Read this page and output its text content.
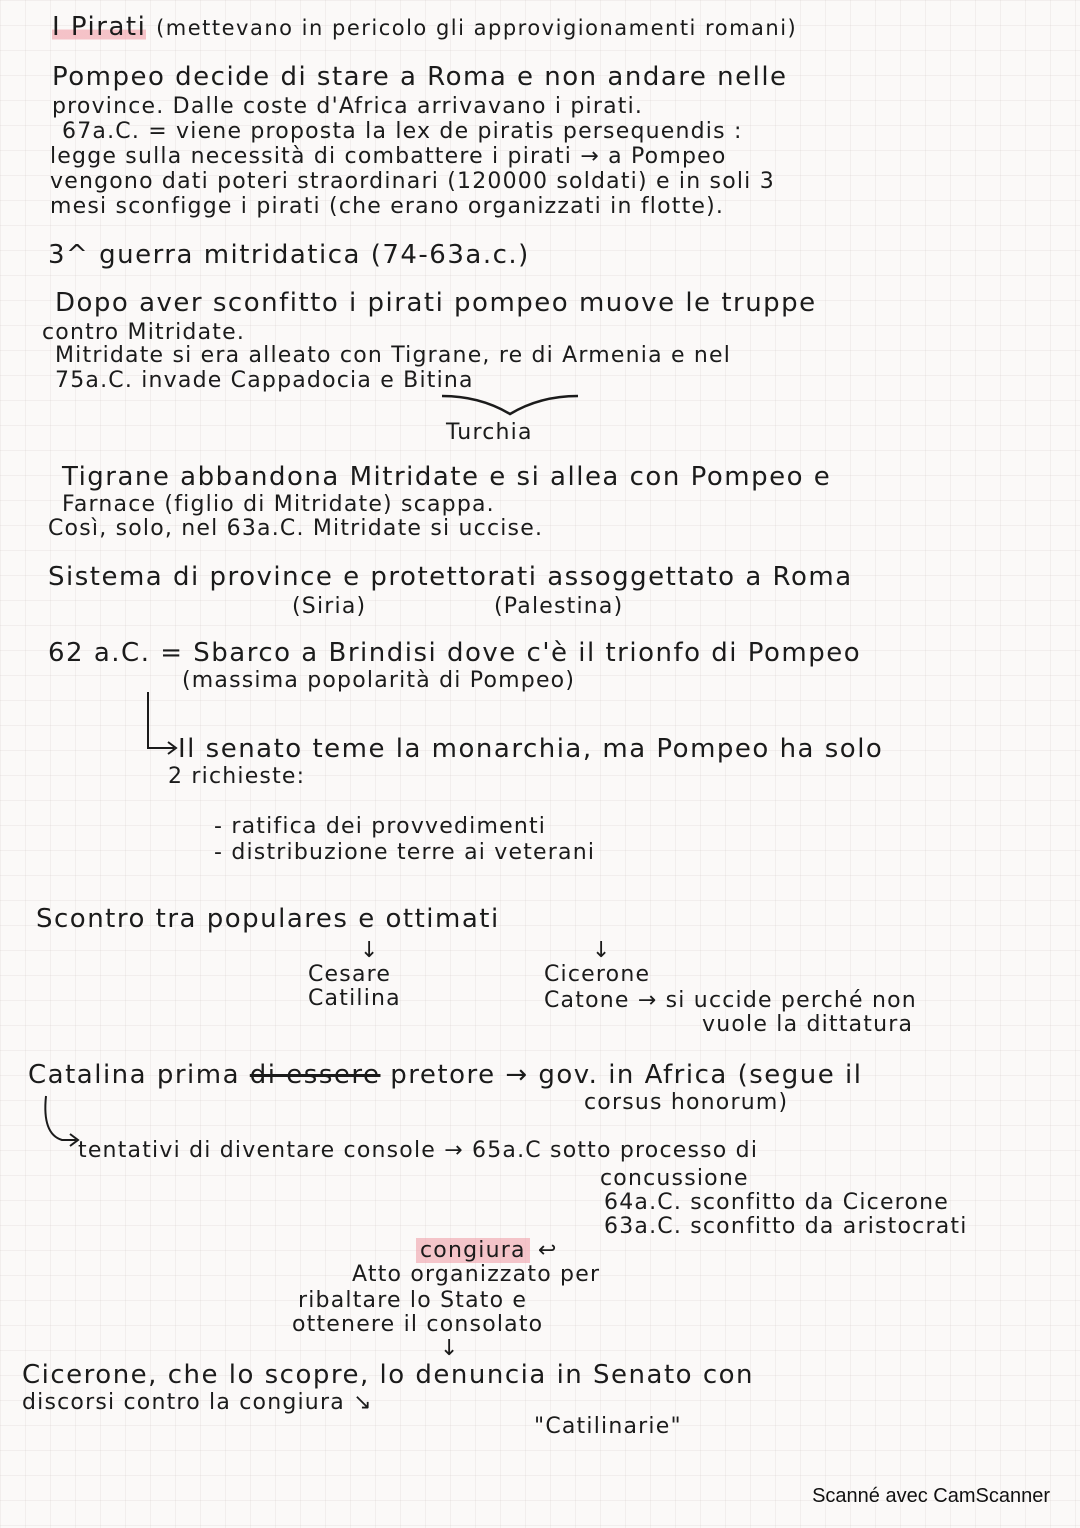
I Pirati (mettevano in pericolo gli approvigionamenti romani)
Pompeo decide di stare a Roma e non andare nelle
province. Dalle coste d'Africa arrivavano i pirati.
67a.C. = viene proposta la lex de piratis persequendis :
legge sulla necessità di combattere i pirati → a Pompeo
vengono dati poteri straordinari (120000 soldati) e in soli 3
mesi sconfigge i pirati (che erano organizzati in flotte).
3^ guerra mitridatica (74-63a.c.)
Dopo aver sconfitto i pirati pompeo muove le truppe
contro Mitridate.
Mitridate si era alleato con Tigrane, re di Armenia e nel
75a.C. invade Cappadocia e Bitina
Turchia
Tigrane abbandona Mitridate e si allea con Pompeo e
Farnace (figlio di Mitridate) scappa.
Così, solo, nel 63a.C. Mitridate si uccise.
Sistema di province e protettorati assoggettato a Roma
(Siria)	(Palestina)
62 a.C. = Sbarco a Brindisi dove c'è il trionfo di Pompeo
(massima popolarità di Pompeo)
Il senato teme la monarchia, ma Pompeo ha solo
2 richieste:
- ratifica dei provvedimenti
- distribuzione terre ai veterani
Scontro tra populares e ottimati
↓	↓
Cesare
Catilina
Cicerone
Catone → si uccide perché non
vuole la dittatura
Catalina prima di essere pretore → gov. in Africa (segue il
corsus honorum)
tentativi di diventare console → 65a.C sotto processo di
concussione
64a.C. sconfitto da Cicerone
63a.C. sconfitto da aristocrati
congiura ↩
Atto organizzato per
ribaltare lo Stato e
ottenere il consolato
↓
Cicerone, che lo scopre, lo denuncia in Senato con
discorsi contro la congiura ↘
"Catilinarie"
Scanné avec CamScanner
